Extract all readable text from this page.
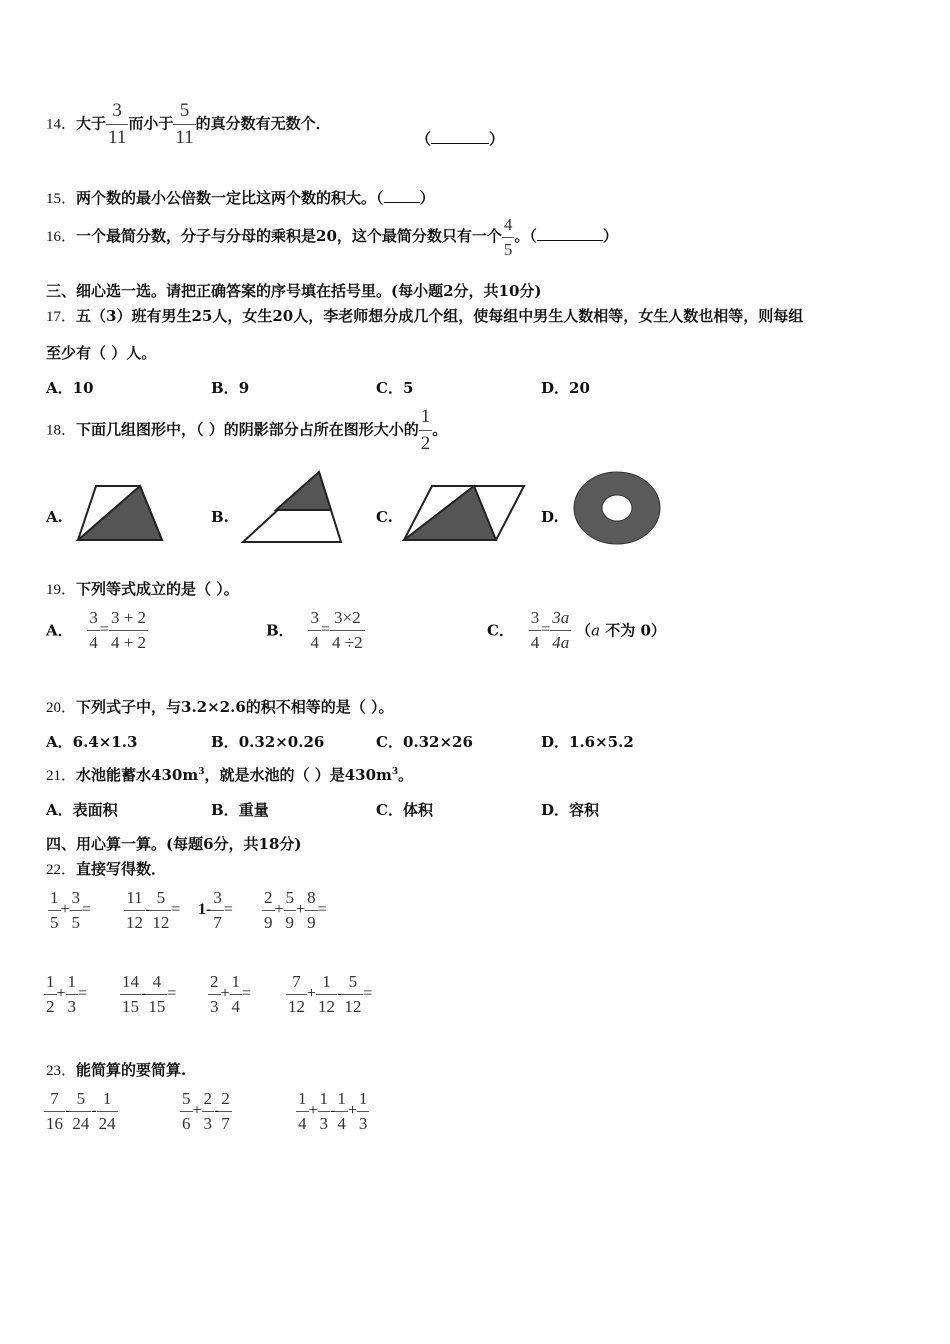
14．大于 $\frac{3}{11}$ 而小于 $\frac{5}{11}$ 的真分数有无数个．
（	）
15．两个数的最小公倍数一定比这两个数的积大。（ ）
16．一个最简分数，分子与分母的乘积是20，这个最简分数只有一个 $\frac{4}{5}$ 。（	）
三、细心选一选。请把正确答案的序号填在括号里。(每小题2分，共10分)
17．五（3）班有男生25人，女生20人，李老师想分成几个组，使每组中男生人数相等，女生人数也相等，则每组
至少有（ ）人。
A．10	B．9	C．5	D．20
18．下面几组图形中，（ ）的阴影部分占所在图形大小的 $\frac{1}{2}$ 。
A.	B.	C.	D.
19．下列等式成立的是（ ）。
A． $\frac{3}{4} = \frac{3 + 2}{4 + 2}$	B． $\frac{3}{4} = \frac{3\times 2}{4 \div 2}$	C． $\frac{3}{4} = \frac{3a}{4a} (a$ 不为 0）
20．下列式子中，与3.2×2.6的积不相等的是（ ）。
A．6.4×1.3	B．0.32×0.26	C．0.32×26	D．1.6×5.2
21．水池能蓄水$430m^3$，就是水池的（ ）是$430m^3$。
A．表面积	B．重量	C．体积	D．容积
四、用心算一算。(每题6分，共18分)
22．直接写得数．
$\frac{1}{5} + \frac{3}{5} = \frac{11}{12} - \frac{5}{12} = 1- \frac{3}{7} = \frac{2}{9} + \frac{5}{9} + \frac{8}{9}$ =
$\frac{1}{2} + \frac{1}{3} = \frac{14}{15} - \frac{4}{15} = \frac{2}{3} + \frac{1}{4} = \frac{7}{12} + \frac{1}{12} - \frac{5}{12}$ =
23．能简算的要简算.
$\frac{7}{16} - \frac{5}{24} - \frac{1}{24}$	$\frac{5}{6} + \frac{2}{3} - \frac{2}{7}$	$\frac{1}{4} + \frac{1}{3} - \frac{1}{4} + \frac{1}{3}$
